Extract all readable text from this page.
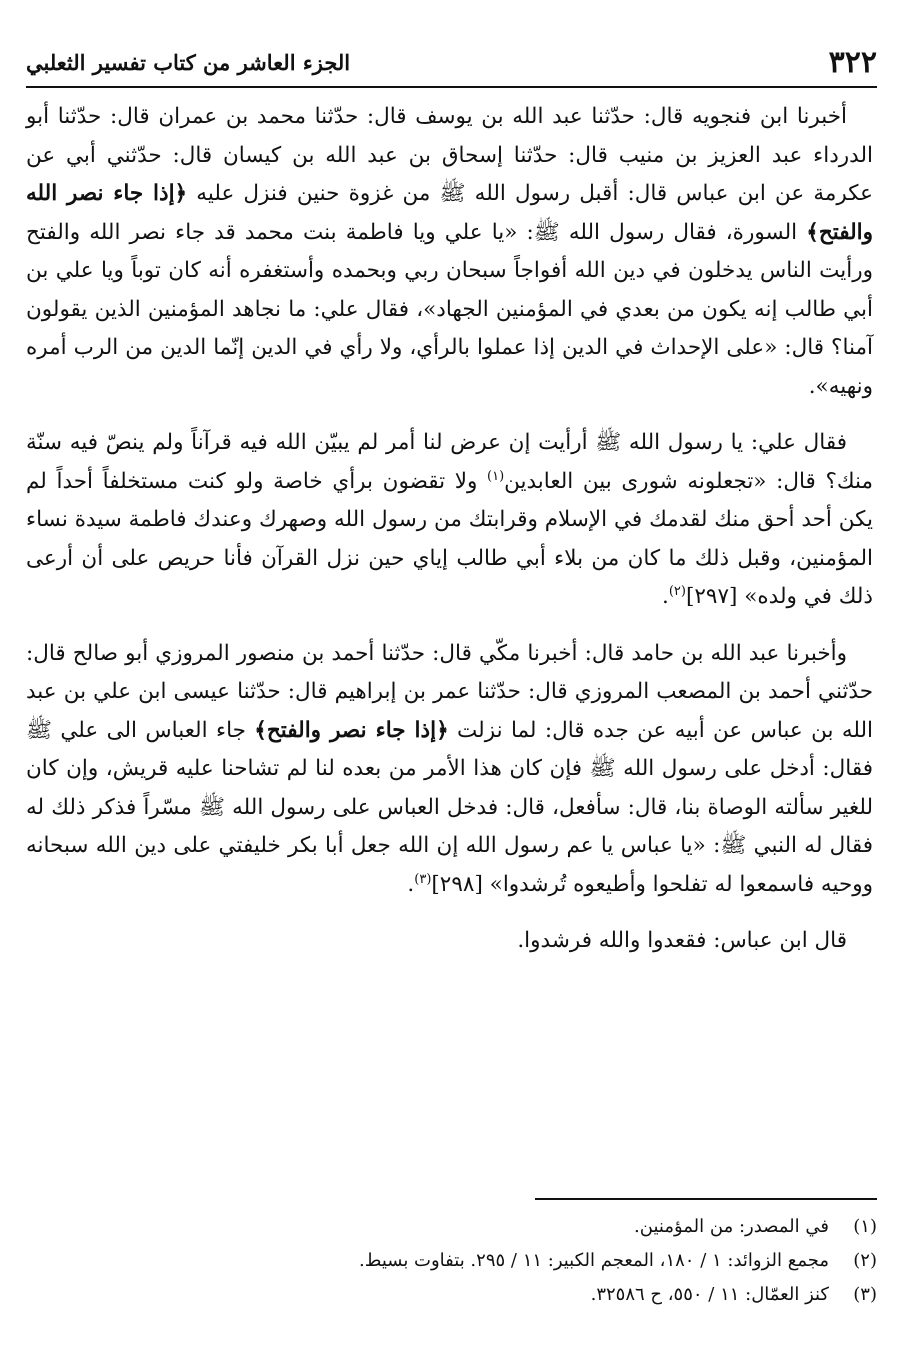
٣٢٢
الجزء العاشر من كتاب تفسير الثعلبي

أخبرنا ابن فنجويه قال: حدّثنا عبد الله بن يوسف قال: حدّثنا محمد بن عمران قال: حدّثنا أبو الدرداء عبد العزيز بن منيب قال: حدّثنا إسحاق بن عبد الله بن كيسان قال: حدّثني أبي عن عكرمة عن ابن عباس قال: أقبل رسول الله ﷺ من غزوة حنين فنزل عليه ﴿إذا جاء نصر الله والفتح﴾ السورة، فقال رسول الله ﷺ: «يا علي ويا فاطمة بنت محمد قد جاء نصر الله والفتح ورأيت الناس يدخلون في دين الله أفواجاً سبحان ربي وبحمده وأستغفره أنه كان توباً ويا علي بن أبي طالب إنه يكون من بعدي في المؤمنين الجهاد»، فقال علي: ما نجاهد المؤمنين الذين يقولون آمنا؟ قال: «على الإحداث في الدين إذا عملوا بالرأي، ولا رأي في الدين إنّما الدين من الرب أمره ونهيه».

فقال علي: يا رسول الله ﷺ أرأيت إن عرض لنا أمر لم يبيّن الله فيه قرآناً ولم ينصّ فيه سنّة منك؟ قال: «تجعلونه شورى بين العابدين$^{(١)}$ ولا تقضون برأي خاصة ولو كنت مستخلفاً أحداً لم يكن أحد أحق منك لقدمك في الإسلام وقرابتك من رسول الله وصهرك وعندك فاطمة سيدة نساء المؤمنين، وقبل ذلك ما كان من بلاء أبي طالب إياي حين نزل القرآن فأنا حريص على أن أرعى ذلك في ولده» [٢٩٧]$^{(٢)}$.

وأخبرنا عبد الله بن حامد قال: أخبرنا مكّي قال: حدّثنا أحمد بن منصور المروزي أبو صالح قال: حدّثني أحمد بن المصعب المروزي قال: حدّثنا عمر بن إبراهيم قال: حدّثنا عيسى ابن علي بن عبد الله بن عباس عن أبيه عن جده قال: لما نزلت ﴿إذا جاء نصر والفتح﴾ جاء العباس الى علي ﷺ فقال: أدخل على رسول الله ﷺ فإن كان هذا الأمر من بعده لنا لم تشاحنا عليه قريش، وإن كان للغير سألته الوصاة بنا، قال: سأفعل، قال: فدخل العباس على رسول الله ﷺ مسّراً فذكر ذلك له فقال له النبي ﷺ: «يا عباس يا عم رسول الله إن الله جعل أبا بكر خليفتي على دين الله سبحانه ووحيه فاسمعوا له تفلحوا وأطيعوه تُرشدوا» [٢٩٨]$^{(٣)}$.

قال ابن عباس: فقعدوا والله فرشدوا.

(١)
في المصدر: من المؤمنين.
(٢)
مجمع الزوائد: ١ / ١٨٠، المعجم الكبير: ١١ / ٢٩٥. بتفاوت بسيط.
(٣)
كنز العمّال: ١١ / ٥٥٠، ح ٣٢٥٨٦.
